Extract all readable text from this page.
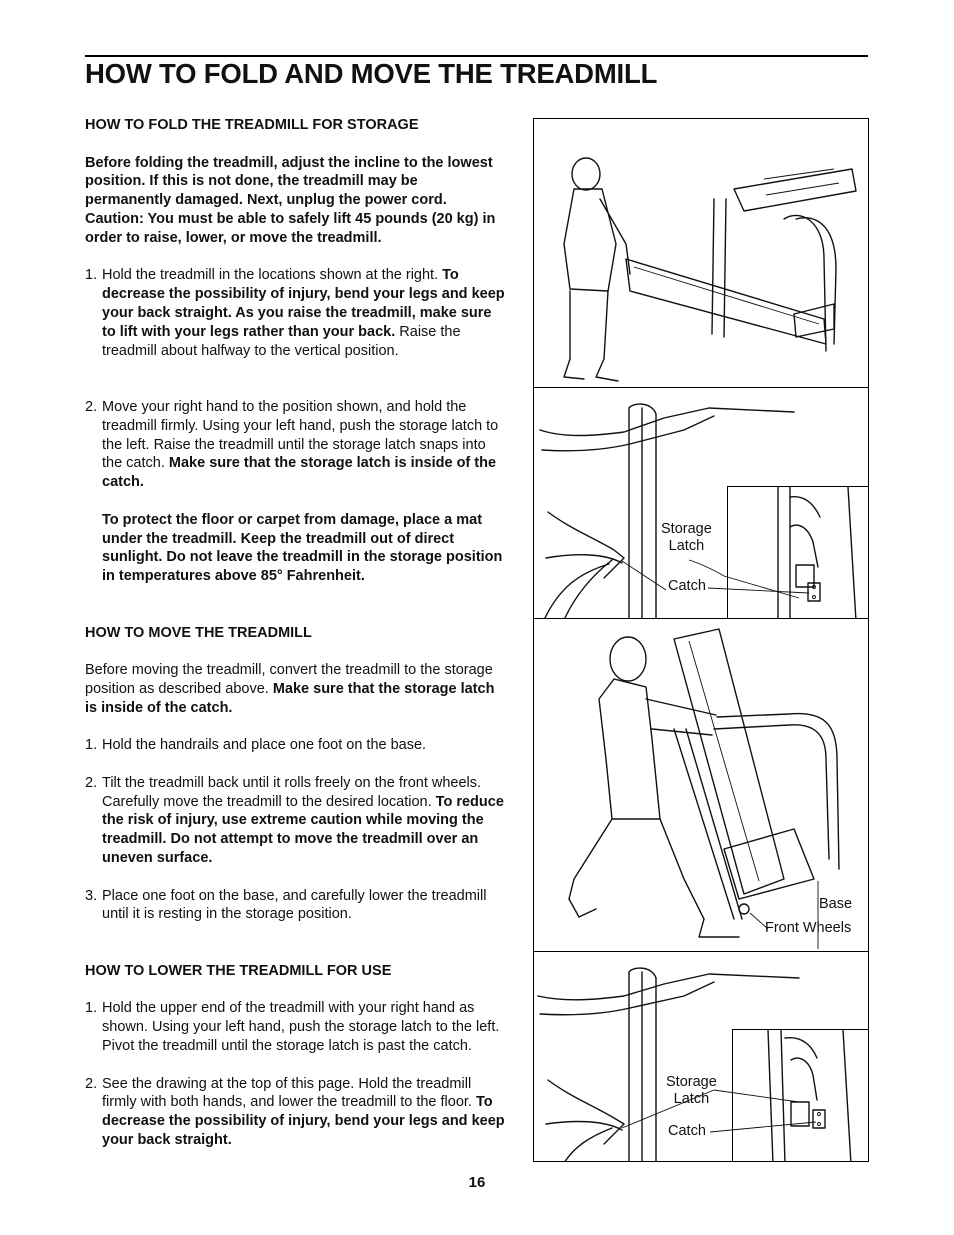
HOW TO FOLD AND MOVE THE TREADMILL

HOW TO FOLD THE TREADMILL FOR STORAGE

Before folding the treadmill, adjust the incline to the lowest position. If this is not done, the treadmill may be permanently damaged. Next, unplug the power cord. Caution: You must be able to safely lift 45 pounds (20 kg) in order to raise, lower, or move the treadmill.

1. Hold the treadmill in the locations shown at the right. To decrease the possibility of injury, bend your legs and keep your back straight. As you raise the treadmill, make sure to lift with your legs rather than your back. Raise the treadmill about halfway to the vertical position.
2. Move your right hand to the position shown, and hold the treadmill firmly. Using your left hand, push the storage latch to the left. Raise the treadmill until the storage latch snaps into the catch. Make sure that the storage latch is inside of the catch.

To protect the floor or carpet from damage, place a mat under the treadmill. Keep the treadmill out of direct sunlight. Do not leave the treadmill in the storage position in temperatures above 85° Fahrenheit.

HOW TO MOVE THE TREADMILL

Before moving the treadmill, convert the treadmill to the storage position as described above. Make sure that the storage latch is inside of the catch.

1. Hold the handrails and place one foot on the base.
2. Tilt the treadmill back until it rolls freely on the front wheels. Carefully move the treadmill to the desired location. To reduce the risk of injury, use extreme caution while moving the treadmill. Do not attempt to move the treadmill over an uneven surface.
3. Place one foot on the base, and carefully lower the treadmill until it is resting in the storage position.

HOW TO LOWER THE TREADMILL FOR USE

1. Hold the upper end of the treadmill with your right hand as shown. Using your left hand, push the storage latch to the left. Pivot the treadmill until the storage latch is past the catch.
2. See the drawing at the top of this page. Hold the treadmill firmly with both hands, and lower the treadmill to the floor. To decrease the possibility of injury, bend your legs and keep your back straight.
Storage
Latch
Catch
Base
Front Wheels
Storage
Latch
Catch
16
